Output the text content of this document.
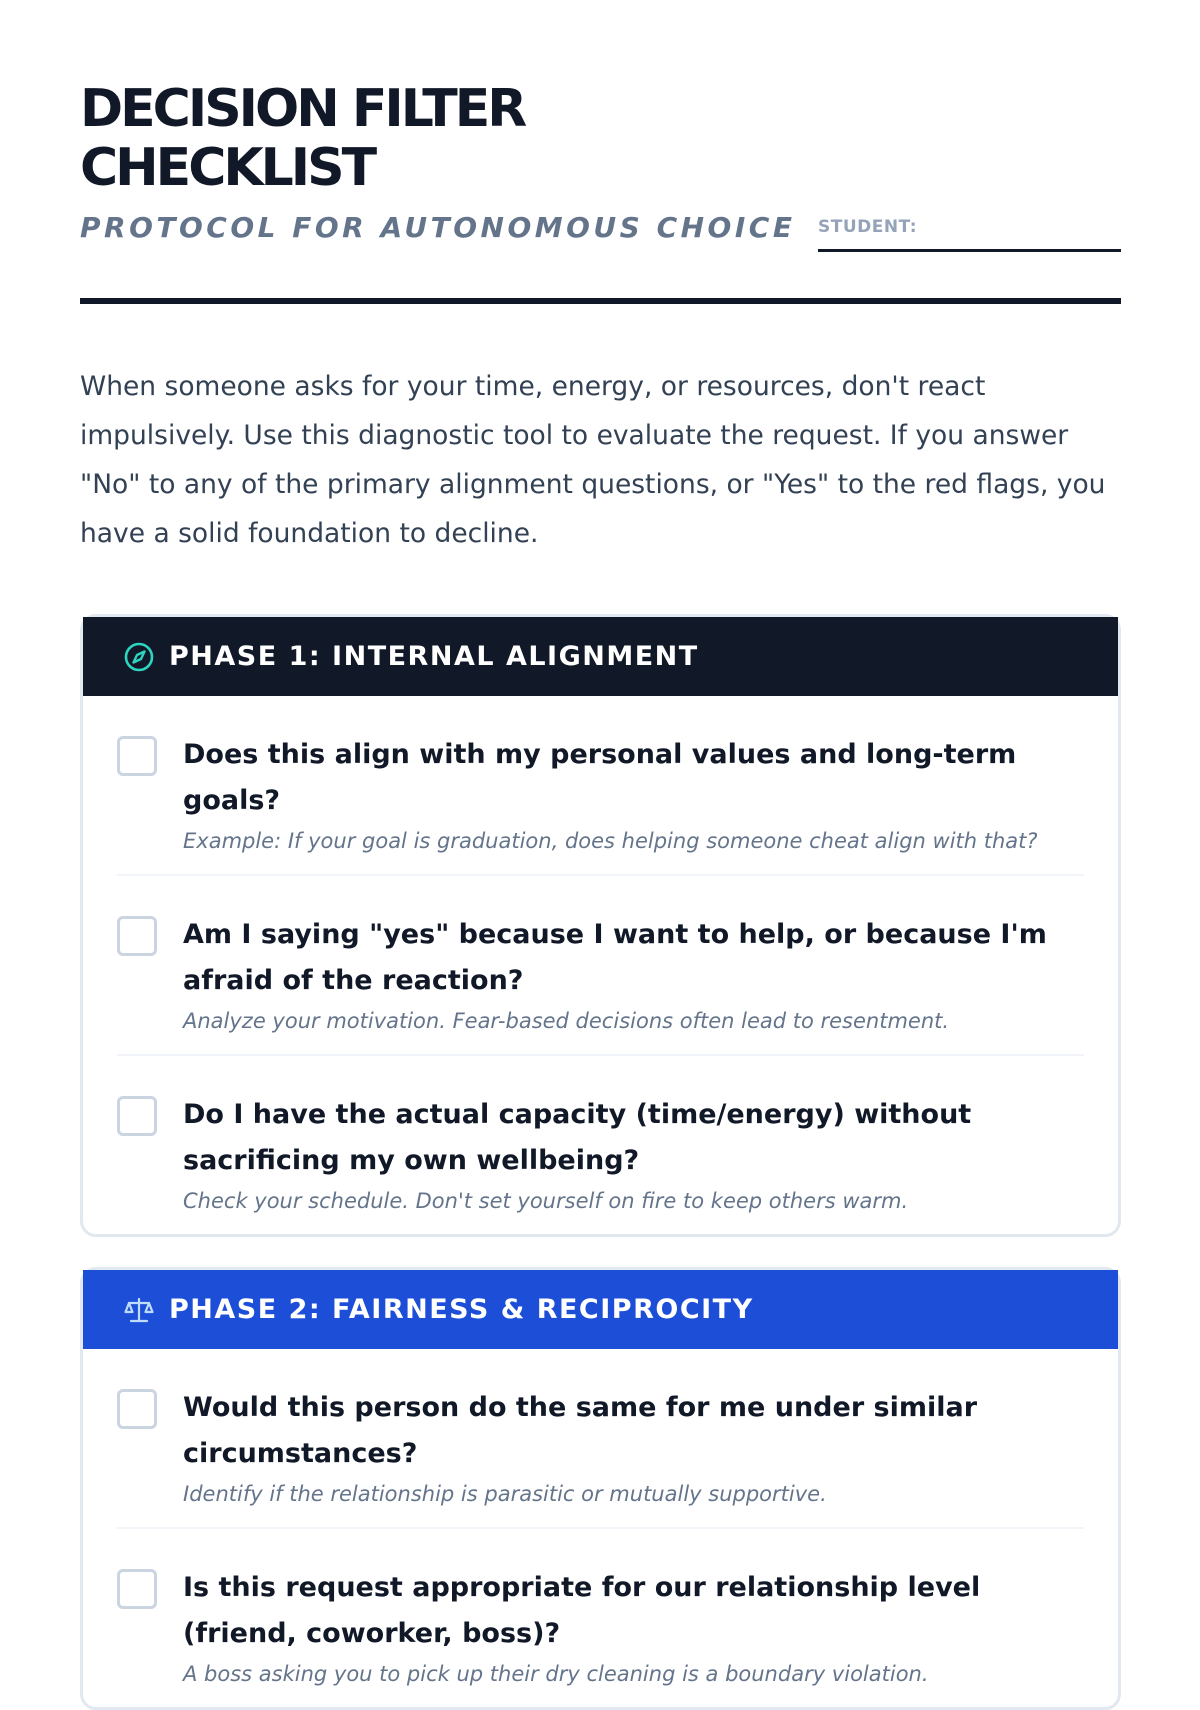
DECISION FILTER CHECKLIST
PROTOCOL FOR AUTONOMOUS CHOICE STUDENT:

When someone asks for your time, energy, or resources, don't react impulsively. Use this diagnostic tool to evaluate the request. If you answer "No" to any of the primary alignment questions, or "Yes" to the red flags, you have a solid foundation to decline.

PHASE 1: INTERNAL ALIGNMENT
Does this align with my personal values and long-term goals?
Example: If your goal is graduation, does helping someone cheat align with that?
Am I saying "yes" because I want to help, or because I'm afraid of the reaction?
Analyze your motivation. Fear-based decisions often lead to resentment.
Do I have the actual capacity (time/energy) without sacrificing my own wellbeing?
Check your schedule. Don't set yourself on fire to keep others warm.
PHASE 2: FAIRNESS & RECIPROCITY
Would this person do the same for me under similar circumstances?
Identify if the relationship is parasitic or mutually supportive.
Is this request appropriate for our relationship level (friend, coworker, boss)?
A boss asking you to pick up their dry cleaning is a boundary violation.
